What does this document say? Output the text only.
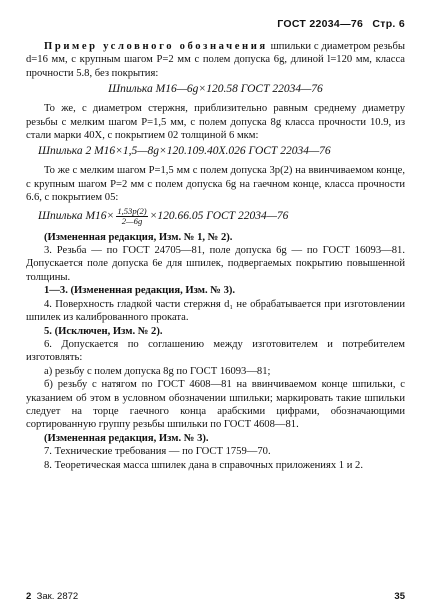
ГОСТ 22034—76 Стр. 6

Пример условного обозначения шпильки с диаметром резьбы d=16 мм, с крупным шагом Р=2 мм с полем допуска 6g, длиной l=120 мм, класса прочности 5.8, без покрытия:

Шпилька М16—6g×120.58 ГОСТ 22034—76

То же, с диаметром стержня, приблизительно равным среднему диаметру резьбы с мелким шагом Р=1,5 мм, с полем допуска 8g класса прочности 10.9, из стали марки 40Х, с покрытием 02 толщиной 6 мкм:

Шпилька 2 М16×1,5—8g×120.109.40Х.026 ГОСТ 22034—76

То же с мелким шагом Р=1,5 мм с полем допуска 3р(2) на ввинчиваемом конце, с крупным шагом Р=2 мм с полем допуска 6g на гаечном конце, класса прочности 6.6, с покрытием 05:

Шпилька $М16\times \frac{1,53р(2)}{2—6g} \times 120.66.05$ ГОСТ 22034—76

(Измененная редакция, Изм. № 1, № 2).

3. Резьба — по ГОСТ 24705—81, поле допуска 6g — по ГОСТ 16093—81. Допускается поле допуска 6е для шпилек, подвергаемых покрытию повышенной толщины.

1—3. (Измененная редакция, Изм. № 3).

4. Поверхность гладкой части стержня d₁ не обрабатывается при изготовлении шпилек из калиброванного проката.

5. (Исключен, Изм. № 2).

6. Допускается по соглашению между изготовителем и потребителем изготовлять:

а) резьбу с полем допуска 8g по ГОСТ 16093—81;

б) резьбу с натягом по ГОСТ 4608—81 на ввинчиваемом конце шпильки, с указанием об этом в условном обозначении шпильки; маркировать такие шпильки следует на торце гаечного конца арабскими цифрами, обозначающими сортированную группу резьбы шпильки по ГОСТ 4608—81.

(Измененная редакция, Изм. № 3).

7. Технические требования — по ГОСТ 1759—70.

8. Теоретическая масса шпилек дана в справочных приложениях 1 и 2.

2 Зак. 2872	35
